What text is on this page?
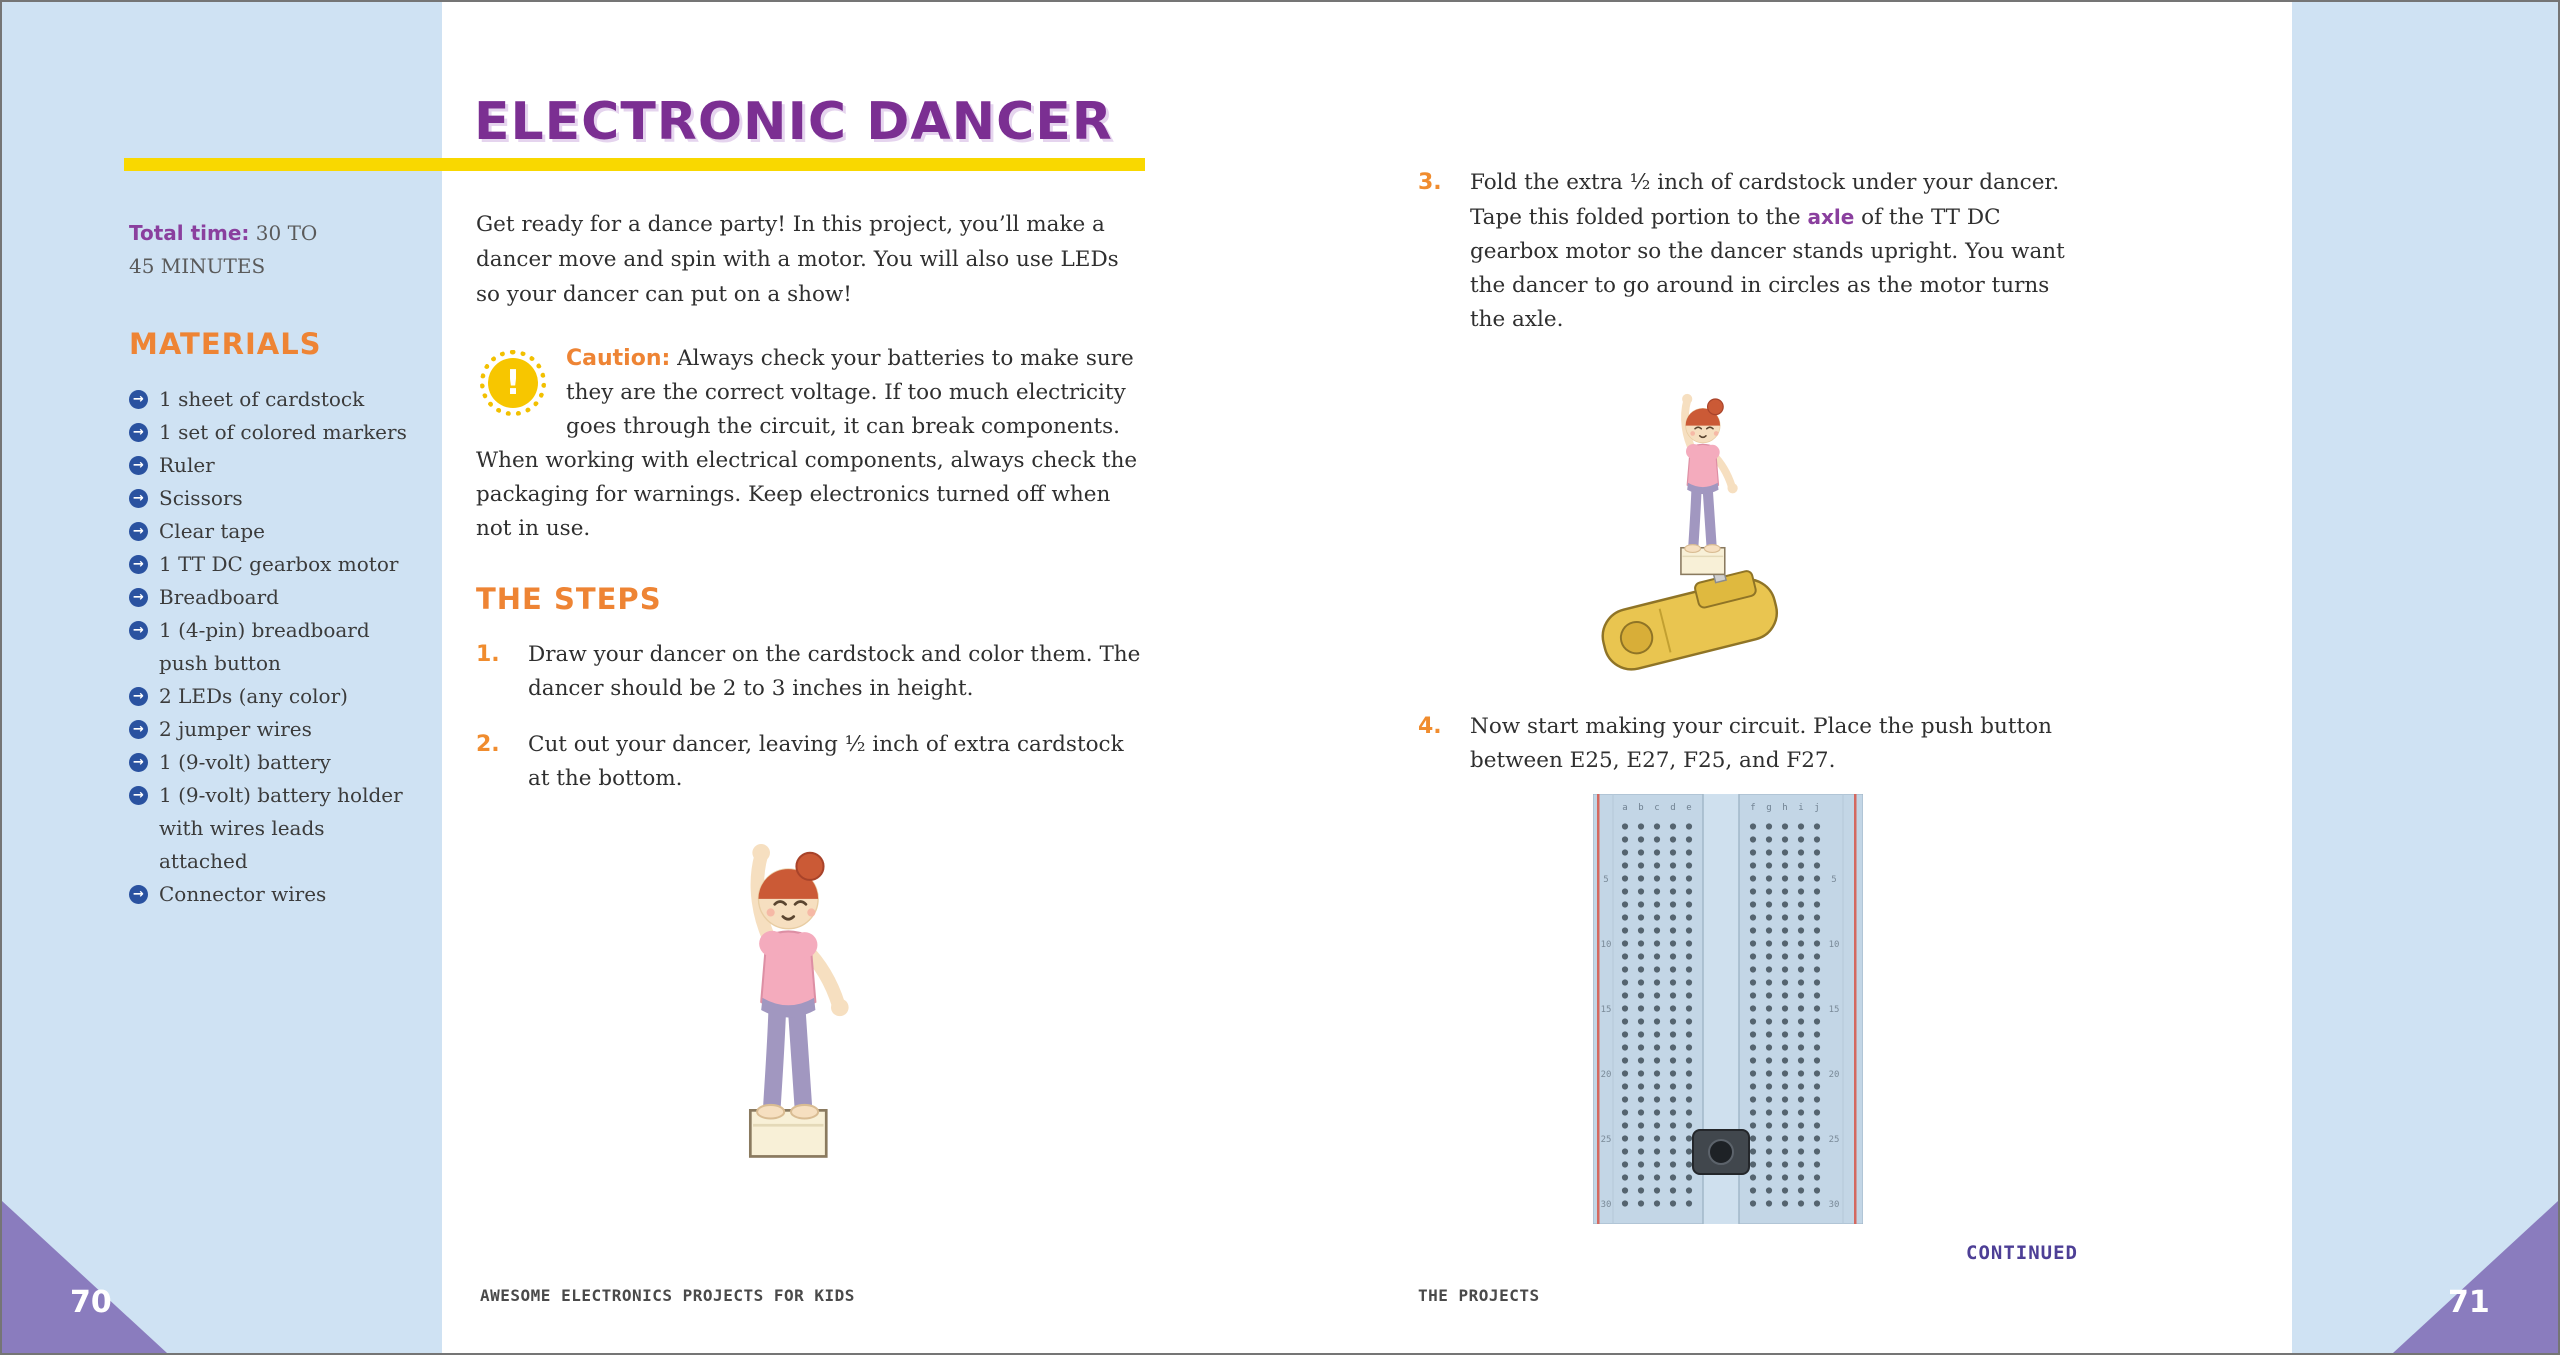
ELECTRONIC DANCER

Total time: 30 TO 45 MINUTES

MATERIALS
→ 1 sheet of cardstock
→ 1 set of colored markers
→ Ruler
→ Scissors
→ Clear tape
→ 1 TT DC gearbox motor
→ Breadboard
→ 1 (4-pin) breadboard push button
→ 2 LEDs (any color)
→ 2 jumper wires
→ 1 (9-volt) battery
→ 1 (9-volt) battery holder with wires leads attached
→ Connector wires

Get ready for a dance party! In this project, you’ll make a dancer move and spin with a motor. You will also use LEDs so your dancer can put on a show!

!

Caution: Always check your batteries to make sure they are the correct voltage. If too much electricity goes through the circuit, it can break components. When working with electrical components, always check the packaging for warnings. Keep electronics turned off when not in use.

THE STEPS
1.	Draw your dancer on the cardstock and color them. The dancer should be 2 to 3 inches in height.

2.	Cut out your dancer, leaving ½ inch of extra cardstock at the bottom.

3.	Fold the extra ½ inch of cardstock under your dancer. Tape this folded portion to the axle of the TT DC gearbox motor so the dancer stands upright. You want the dancer to go around in circles as the motor turns the axle.

4.	Now start making your circuit. Place the push button between E25, E27, F25, and F27.

a b c d e	f g h i j
5
10
15
20
25
30
5
10
15
20
25
30
CONTINUED
AWESOME ELECTRONICS PROJECTS FOR KIDS	THE PROJECTS
70	71
